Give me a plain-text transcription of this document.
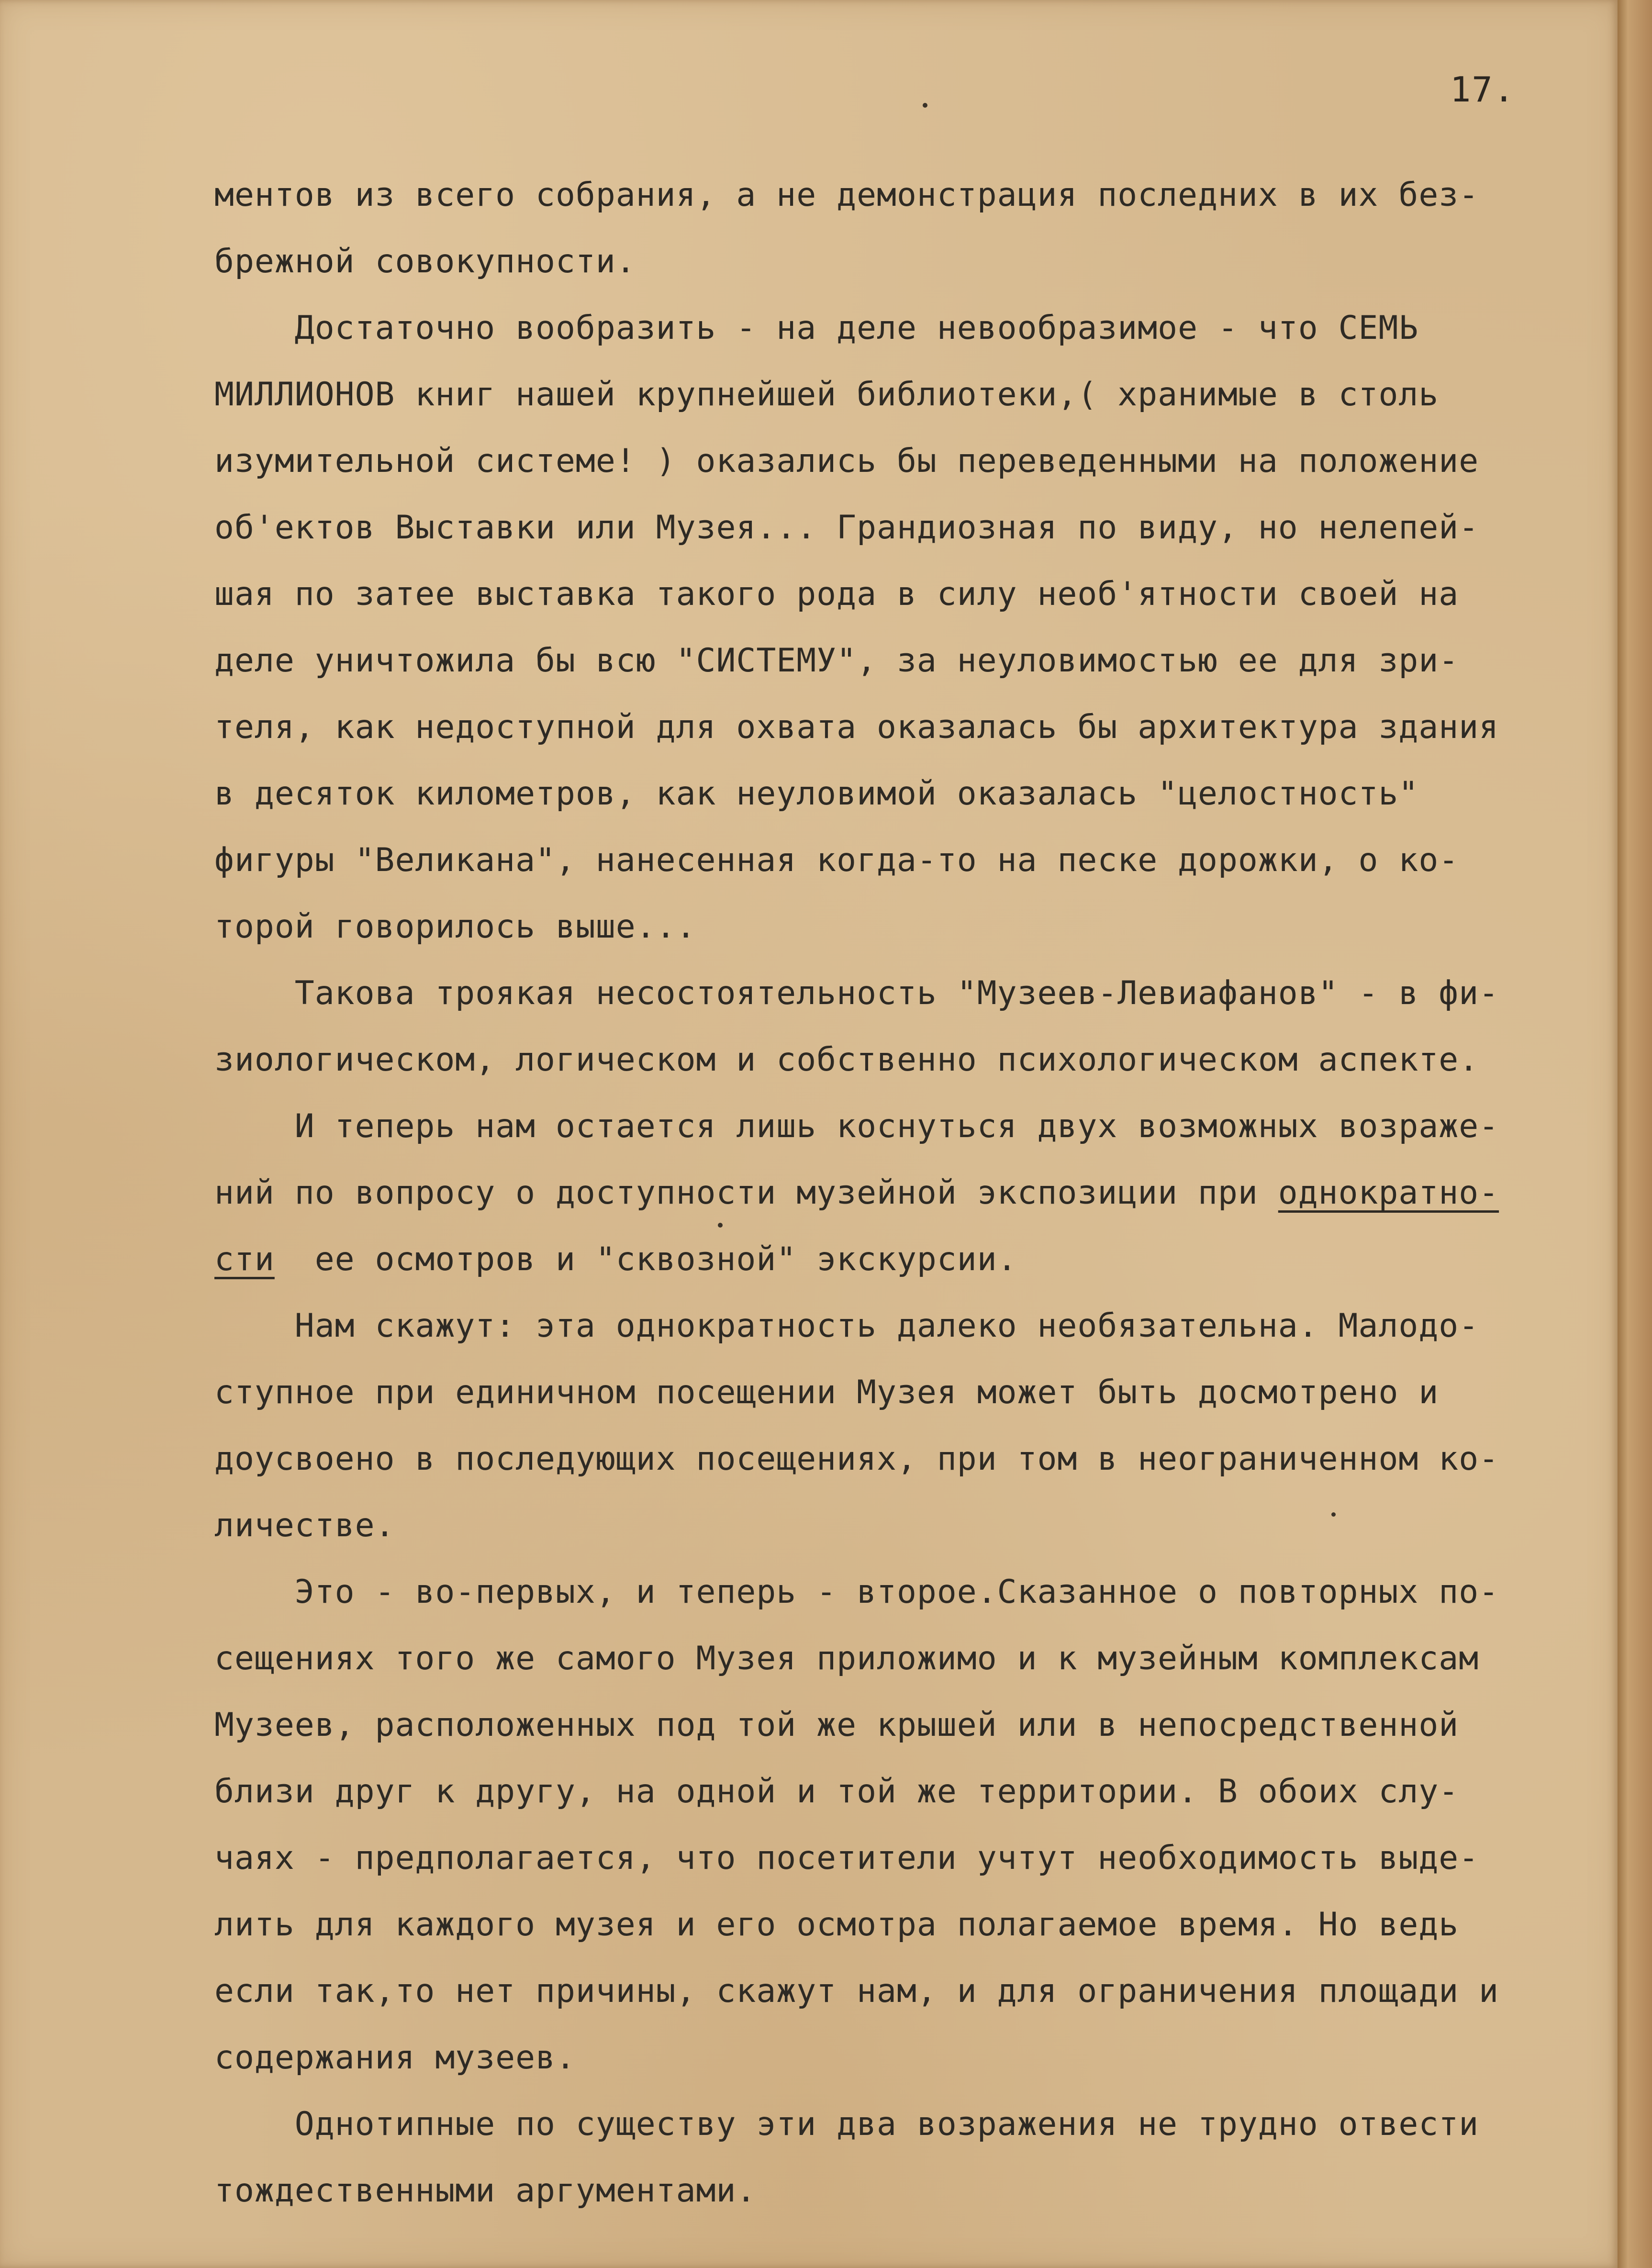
17.
ментов из всего собрания, а не демонстрация последних в их без-
брежной совокупности.
Достаточно вообразить - на деле невообразимое - что СЕМЬ
МИЛЛИОНОВ книг нашей крупнейшей библиотеки,( хранимые в столь
изумительной системе! ) оказались бы переведенными на положение
об'ектов Выставки или Музея... Грандиозная по виду, но нелепей-
шая по затее выставка такого рода в силу необ'ятности своей на
деле уничтожила бы всю "СИСТЕМУ", за неуловимостью ее для зри-
теля, как недоступной для охвата оказалась бы архитектура здания
в десяток километров, как неуловимой оказалась "целостность"
фигуры "Великана", нанесенная когда-то на песке дорожки, о ко-
торой говорилось выше...
Такова троякая несостоятельность "Музеев-Левиафанов" - в фи-
зиологическом, логическом и собственно психологическом аспекте.
И теперь нам остается лишь коснуться двух возможных возраже-
ний по вопросу о доступности музейной экспозиции при однократно-
сти  ее осмотров и "сквозной" экскурсии.
Нам скажут: эта однократность далеко необязательна. Малодо-
ступное при единичном посещении Музея может быть досмотрено и
доусвоено в последующих посещениях, при том в неограниченном ко-
личестве.
Это - во-первых, и теперь - второе.Сказанное о повторных по-
сещениях того же самого Музея приложимо и к музейным комплексам
Музеев, расположенных под той же крышей или в непосредственной
близи друг к другу, на одной и той же территории. В обоих слу-
чаях - предполагается, что посетители учтут необходимость выде-
лить для каждого музея и его осмотра полагаемое время. Но ведь
если так,то нет причины, скажут нам, и для ограничения площади и
содержания музеев.
Однотипные по существу эти два возражения не трудно отвести
тождественными аргументами.
